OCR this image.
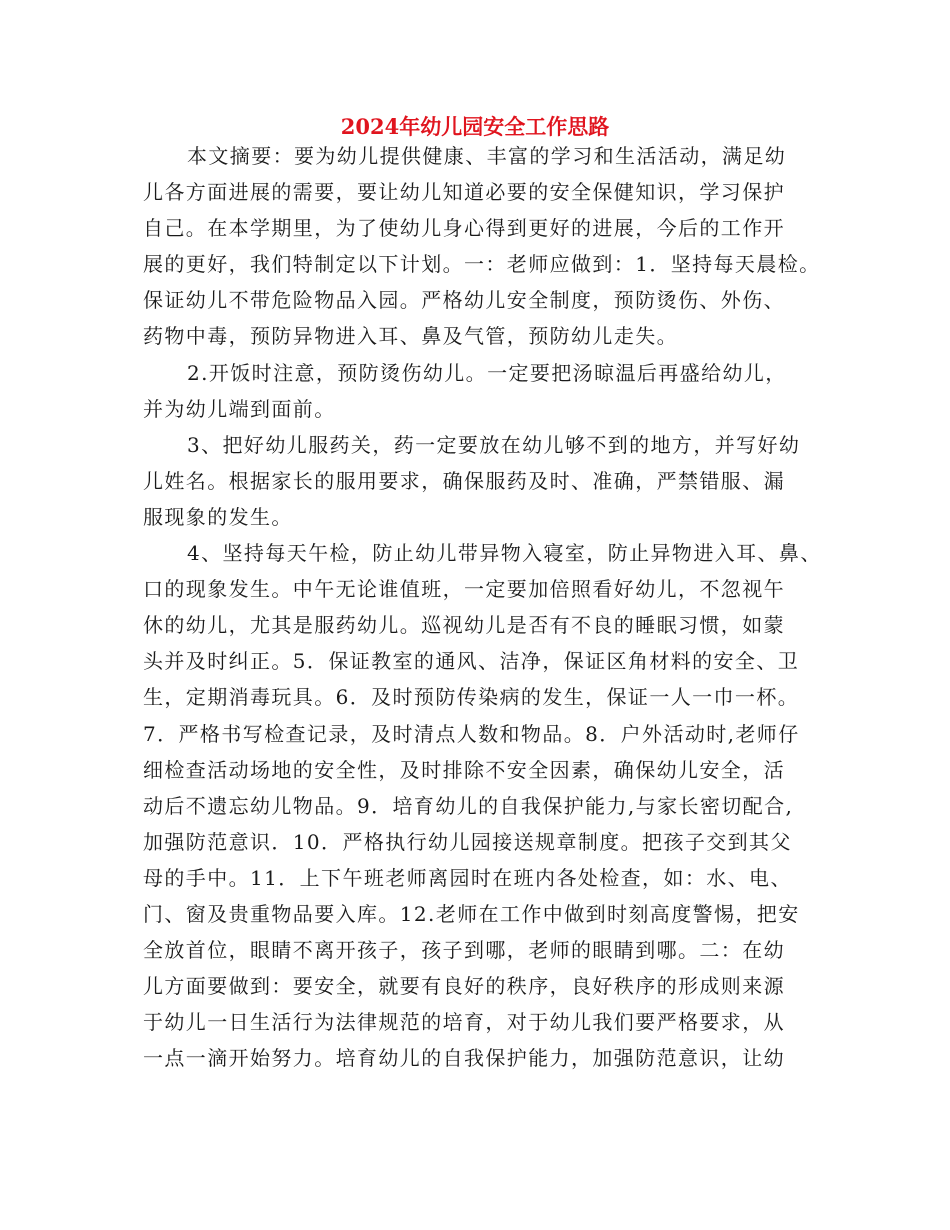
2024年幼儿园安全工作思路
本文摘要：要为幼儿提供健康、丰富的学习和生活活动，满足幼
儿各方面进展的需要，要让幼儿知道必要的安全保健知识，学习保护
自己。在本学期里，为了使幼儿身心得到更好的进展，今后的工作开
展的更好，我们特制定以下计划。一：老师应做到：1．坚持每天晨检。
保证幼儿不带危险物品入园。严格幼儿安全制度，预防烫伤、外伤、
药物中毒，预防异物进入耳、鼻及气管，预防幼儿走失。
2.开饭时注意，预防烫伤幼儿。一定要把汤晾温后再盛给幼儿，
并为幼儿端到面前。
3、把好幼儿服药关，药一定要放在幼儿够不到的地方，并写好幼
儿姓名。根据家长的服用要求，确保服药及时、准确，严禁错服、漏
服现象的发生。
4、坚持每天午检，防止幼儿带异物入寝室，防止异物进入耳、鼻、
口的现象发生。中午无论谁值班，一定要加倍照看好幼儿，不忽视午
休的幼儿，尤其是服药幼儿。巡视幼儿是否有不良的睡眠习惯，如蒙
头并及时纠正。5．保证教室的通风、洁净，保证区角材料的安全、卫
生，定期消毒玩具。6．及时预防传染病的发生，保证一人一巾一杯。
7．严格书写检查记录，及时清点人数和物品。8．户外活动时,老师仔
细检查活动场地的安全性，及时排除不安全因素，确保幼儿安全，活
动后不遗忘幼儿物品。9．培育幼儿的自我保护能力,与家长密切配合,
加强防范意识．10．严格执行幼儿园接送规章制度。把孩子交到其父
母的手中。11．上下午班老师离园时在班内各处检查，如：水、电、
门、窗及贵重物品要入库。12.老师在工作中做到时刻高度警惕，把安
全放首位，眼睛不离开孩子，孩子到哪，老师的眼睛到哪。二：在幼
儿方面要做到：要安全，就要有良好的秩序，良好秩序的形成则来源
于幼儿一日生活行为法律规范的培育，对于幼儿我们要严格要求，从
一点一滴开始努力。培育幼儿的自我保护能力，加强防范意识，让幼
